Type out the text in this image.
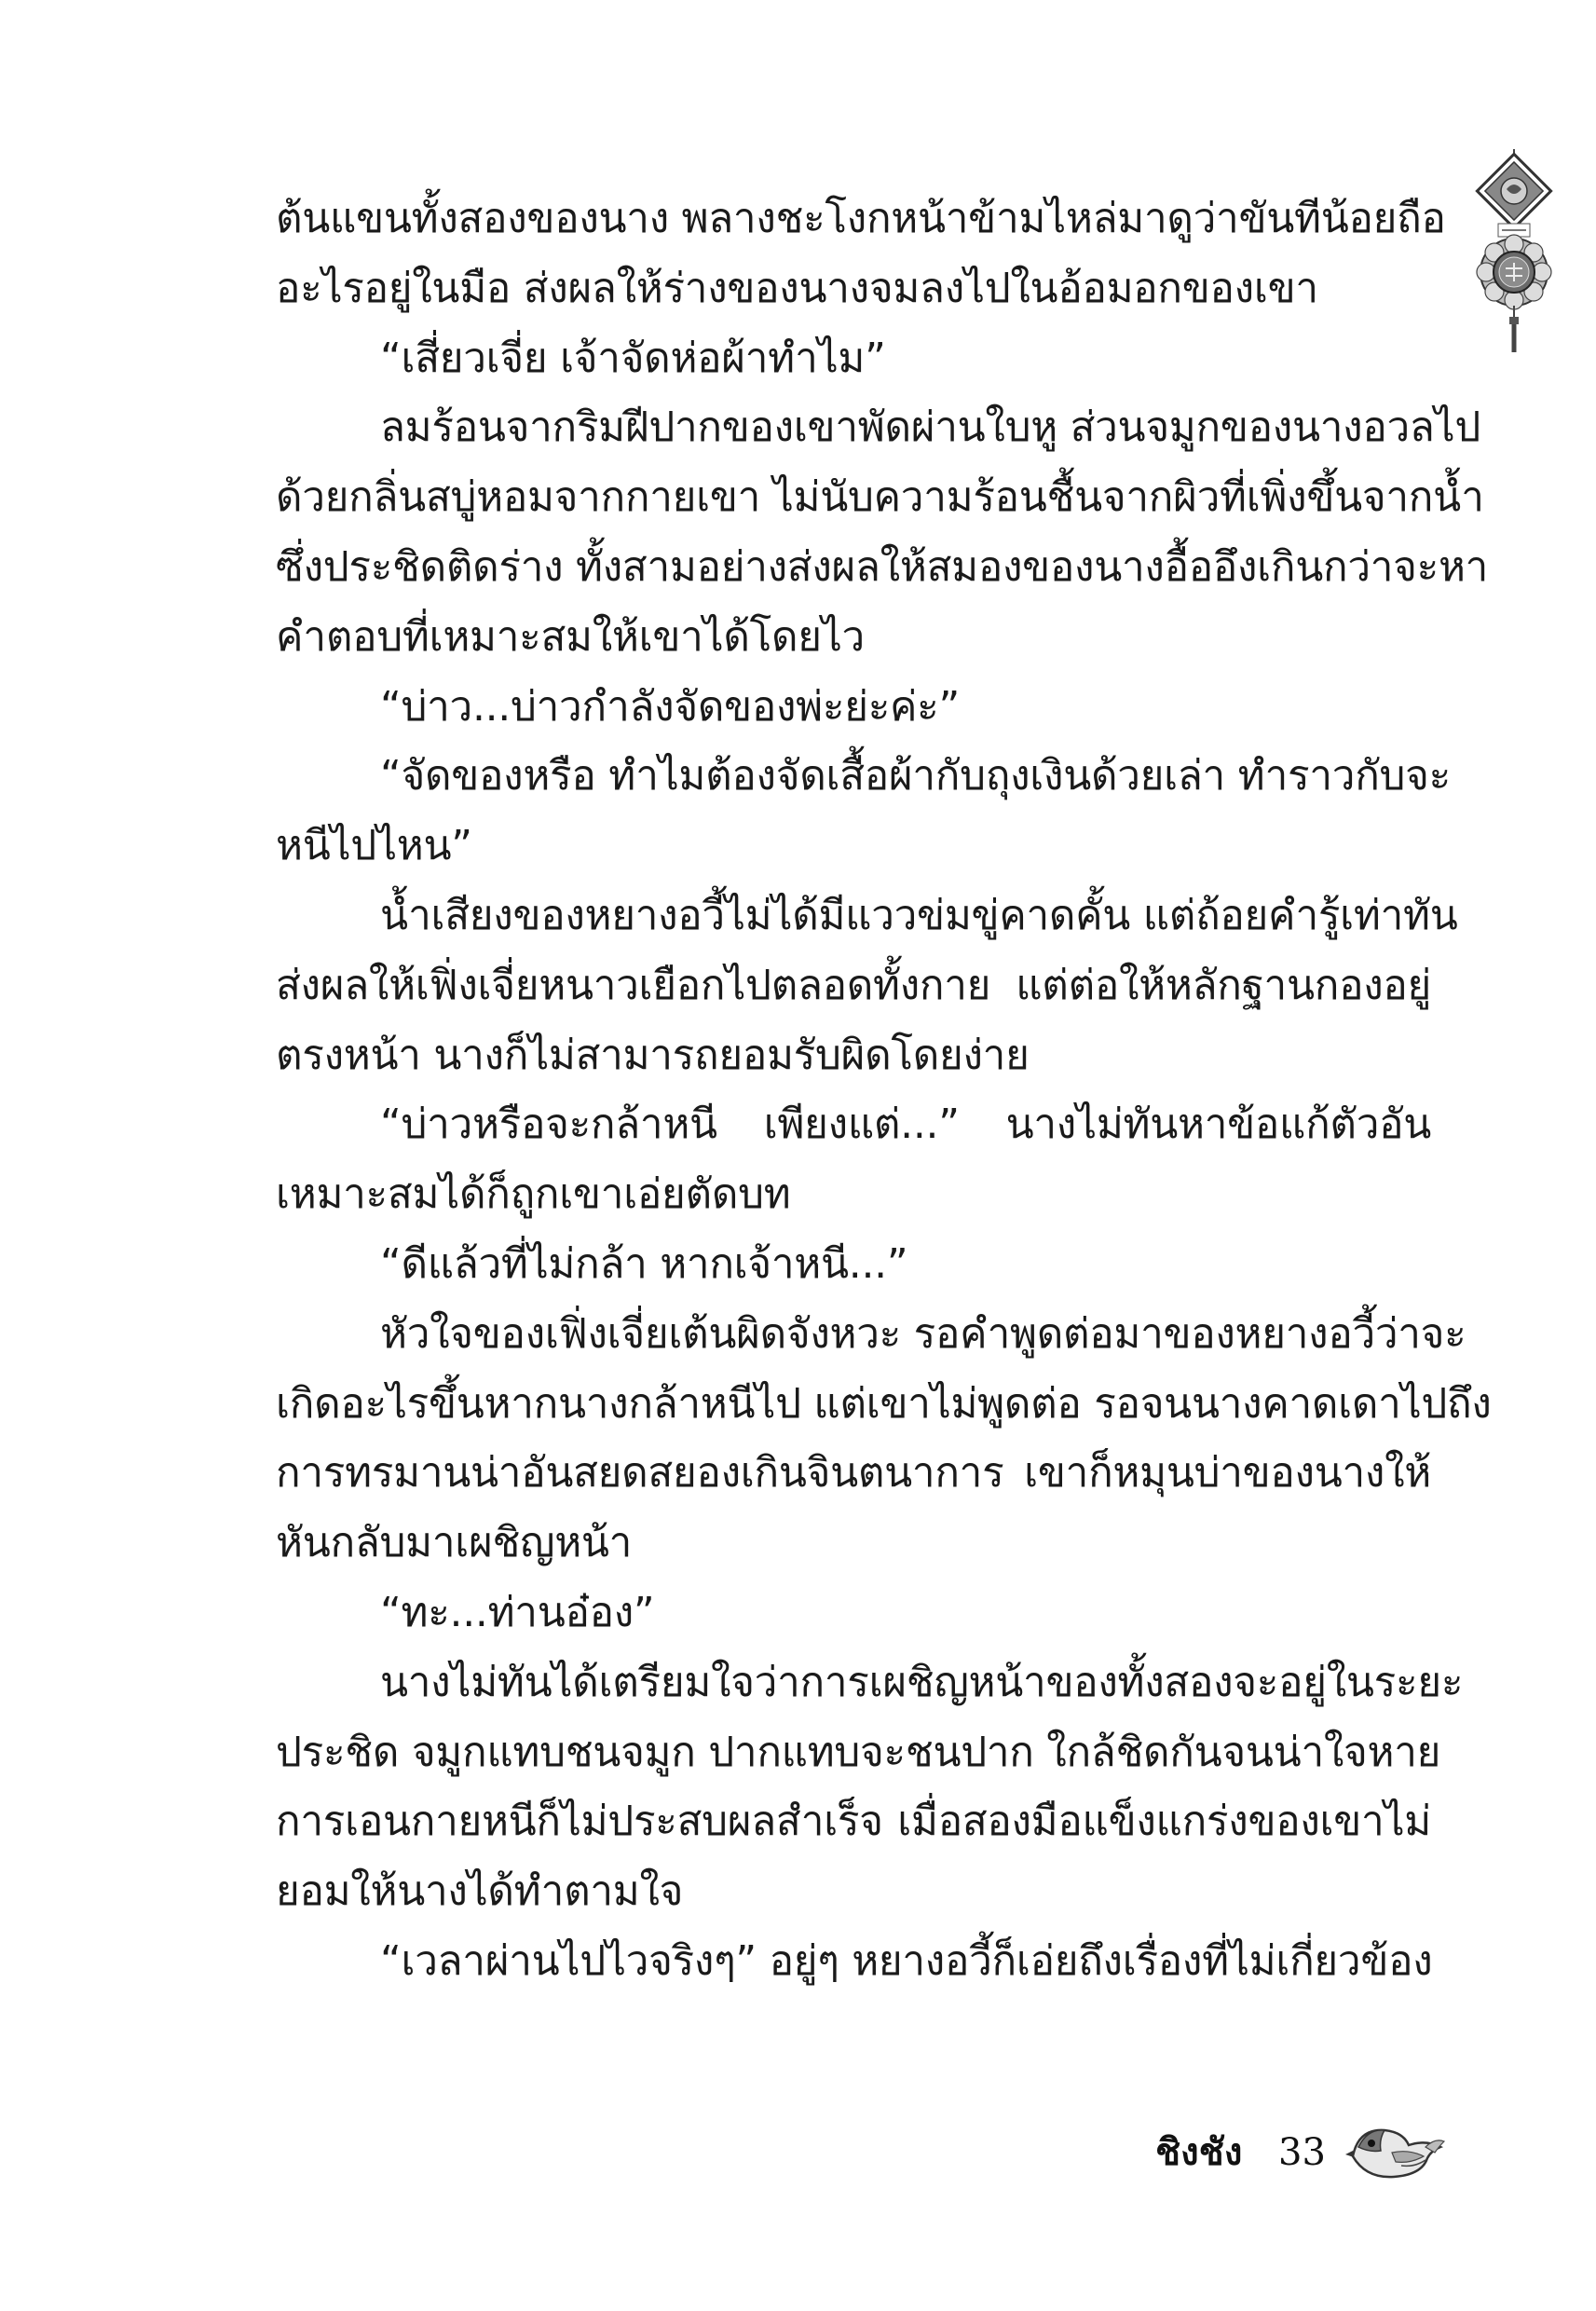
ต้นแขนทั้งสองของนาง พลางชะโงกหน้าข้ามไหล่มาดูว่าขันทีน้อยถือ
อะไรอยู่ในมือ ส่งผลให้ร่างของนางจมลงไปในอ้อมอกของเขา
“เสี่ยวเจี่ย เจ้าจัดห่อผ้าทำไม”
ลมร้อนจากริมฝีปากของเขาพัดผ่านใบหู ส่วนจมูกของนางอวลไป
ด้วยกลิ่นสบู่หอมจากกายเขา ไม่นับความร้อนชื้นจากผิวที่เพิ่งขึ้นจากน้ำ
ซึ่งประชิดติดร่าง ทั้งสามอย่างส่งผลให้สมองของนางอื้ออึงเกินกว่าจะหา
คำตอบที่เหมาะสมให้เขาได้โดยไว
“บ่าว...บ่าวกำลังจัดของพ่ะย่ะค่ะ”
“จัดของหรือ ทำไมต้องจัดเสื้อผ้ากับถุงเงินด้วยเล่า ทำราวกับจะ
หนีไปไหน”
น้ำเสียงของหยางอวี้ไม่ได้มีแววข่มขู่คาดคั้น แต่ถ้อยคำรู้เท่าทัน
ส่งผลให้เฟิ่งเจี่ยหนาวเยือกไปตลอดทั้งกาย แต่ต่อให้หลักฐานกองอยู่
ตรงหน้า นางก็ไม่สามารถยอมรับผิดโดยง่าย
“บ่าวหรือจะกล้าหนี เพียงแต่...” นางไม่ทันหาข้อแก้ตัวอัน
เหมาะสมได้ก็ถูกเขาเอ่ยตัดบท
“ดีแล้วที่ไม่กล้า หากเจ้าหนี...”
หัวใจของเฟิ่งเจี่ยเต้นผิดจังหวะ รอคำพูดต่อมาของหยางอวี้ว่าจะ
เกิดอะไรขึ้นหากนางกล้าหนีไป แต่เขาไม่พูดต่อ รอจนนางคาดเดาไปถึง
การทรมานน่าอันสยดสยองเกินจินตนาการ เขาก็หมุนบ่าของนางให้
หันกลับมาเผชิญหน้า
“ทะ...ท่านอ๋อง”
นางไม่ทันได้เตรียมใจว่าการเผชิญหน้าของทั้งสองจะอยู่ในระยะ
ประชิด จมูกแทบชนจมูก ปากแทบจะชนปาก ใกล้ชิดกันจนน่าใจหาย
การเอนกายหนีก็ไม่ประสบผลสำเร็จ เมื่อสองมือแข็งแกร่งของเขาไม่
ยอมให้นางได้ทำตามใจ
“เวลาผ่านไปไวจริงๆ” อยู่ๆ หยางอวี้ก็เอ่ยถึงเรื่องที่ไม่เกี่ยวข้อง
ชิงชัง 33
